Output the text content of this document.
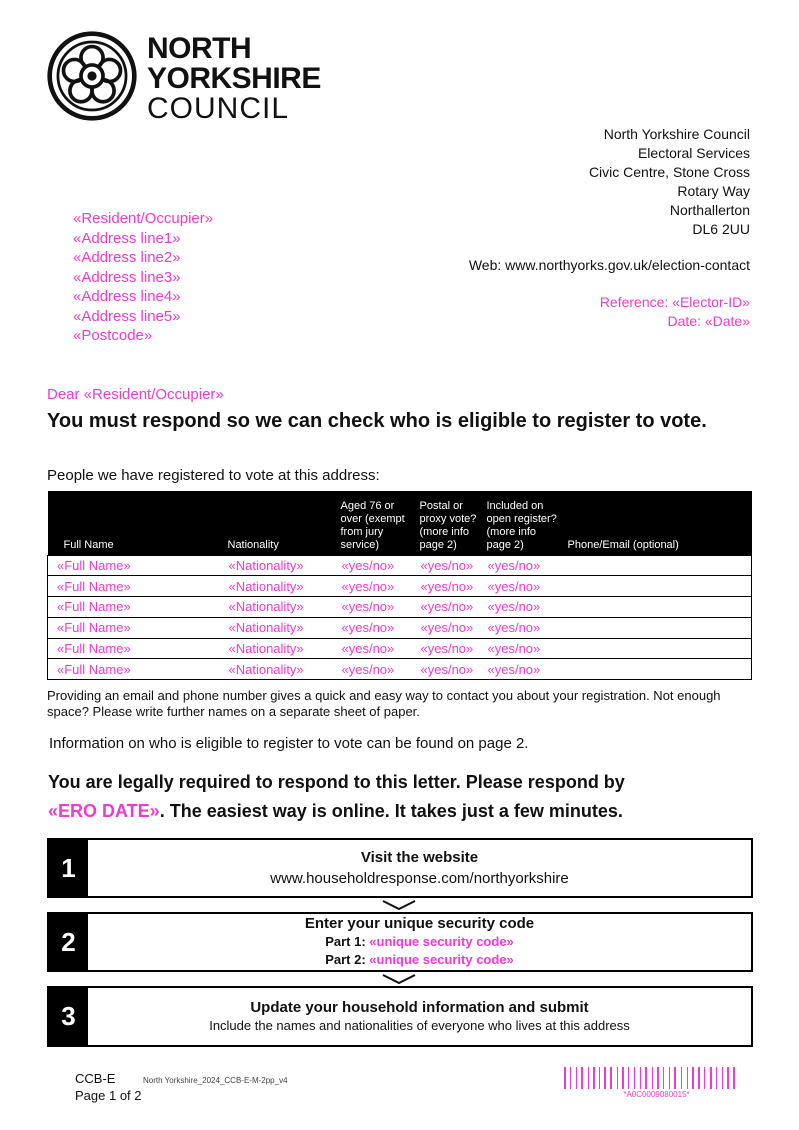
NORTH
YORKSHIRE
COUNCIL
North Yorkshire Council
Electoral Services
Civic Centre, Stone Cross
Rotary Way
Northallerton
DL6 2UU
Web: www.northyorks.gov.uk/election-contact
Reference: «Elector-ID»
Date: «Date»
«Resident/Occupier»
«Address line1»
«Address line2»
«Address line3»
«Address line4»
«Address line5»
«Postcode»
Dear «Resident/Occupier»
You must respond so we can check who is eligible to register to vote.
People we have registered to vote at this address:
Full Name	Nationality	Aged 76 or over (exempt from jury service)	Postal or proxy vote? (more info page 2)	Included on open register? (more info page 2)	Phone/Email (optional)
«Full Name»	«Nationality»	«yes/no»	«yes/no»	«yes/no»	
«Full Name»	«Nationality»	«yes/no»	«yes/no»	«yes/no»	
«Full Name»	«Nationality»	«yes/no»	«yes/no»	«yes/no»	
«Full Name»	«Nationality»	«yes/no»	«yes/no»	«yes/no»	
«Full Name»	«Nationality»	«yes/no»	«yes/no»	«yes/no»	
«Full Name»	«Nationality»	«yes/no»	«yes/no»	«yes/no»	
Providing an email and phone number gives a quick and easy way to contact you about your registration. Not enough space? Please write further names on a separate sheet of paper.
Information on who is eligible to register to vote can be found on page 2.
You are legally required to respond to this letter. Please respond by
«ERO DATE». The easiest way is online. It takes just a few minutes.
1	Visit the website
www.householdresponse.com/northyorkshire
2
Enter your unique security code
Part 1: «unique security code»
Part 2: «unique security code»
3	Update your household information and submit
Include the names and nationalities of everyone who lives at this address
CCB-E
Page 1 of 2
North Yorkshire_2024_CCB-E-M-2pp_v4
*A0C0009080015*
